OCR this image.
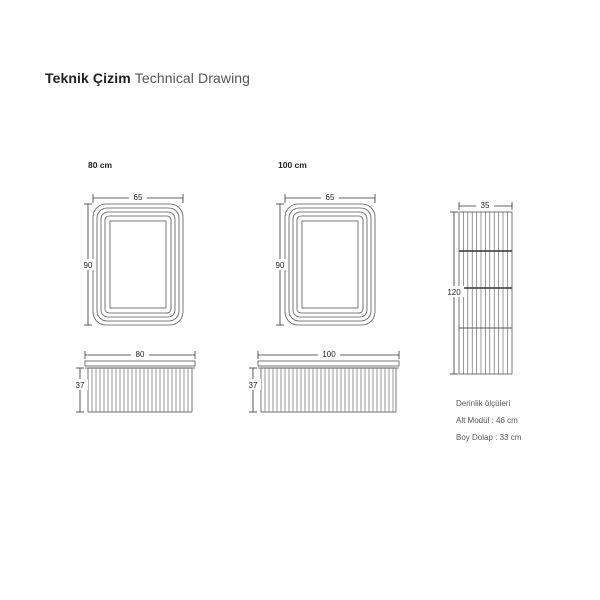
Teknik Çizim Technical Drawing
80 cm	100 cm
65
90
65
90
80
37
100
37
35
120
Derinlik ölçüleri
Alt Modül : 46 cm
Boy Dolap : 33 cm
